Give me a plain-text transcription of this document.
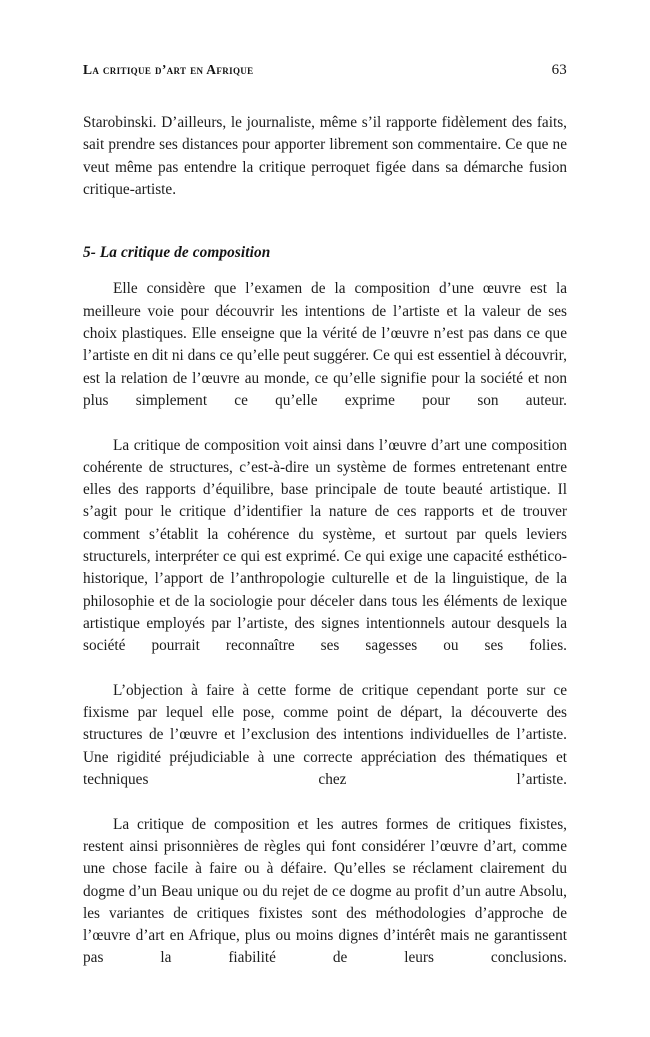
La critique d’art en Afrique	63

Starobinski. D’ailleurs, le journaliste, même s’il rapporte fidèlement des faits, sait prendre ses distances pour apporter librement son commentaire. Ce que ne veut même pas entendre la critique perroquet figée dans sa démarche fusion critique-artiste.

5- La critique de composition

Elle considère que l’examen de la composition d’une œuvre est la meilleure voie pour découvrir les intentions de l’artiste et la valeur de ses choix plastiques. Elle enseigne que la vérité de l’œuvre n’est pas dans ce que l’artiste en dit ni dans ce qu’elle peut suggérer. Ce qui est essentiel à découvrir, est la relation de l’œuvre au monde, ce qu’elle signifie pour la société et non plus simplement ce qu’elle exprime pour son auteur.

La critique de composition voit ainsi dans l’œuvre d’art une composition cohérente de structures, c’est-à-dire un système de formes entretenant entre elles des rapports d’équilibre, base principale de toute beauté artistique. Il s’agit pour le critique d’identifier la nature de ces rapports et de trouver comment s’établit la cohérence du système, et surtout par quels leviers structurels, interpréter ce qui est exprimé. Ce qui exige une capacité esthético-historique, l’apport de l’anthropologie culturelle et de la linguistique, de la philosophie et de la sociologie pour déceler dans tous les éléments de lexique artistique employés par l’artiste, des signes intentionnels autour desquels la société pourrait reconnaître ses sagesses ou ses folies.

L’objection à faire à cette forme de critique cependant porte sur ce fixisme par lequel elle pose, comme point de départ, la découverte des structures de l’œuvre et l’exclusion des intentions individuelles de l’artiste. Une rigidité préjudiciable à une correcte appréciation des thématiques et techniques chez l’artiste.

La critique de composition et les autres formes de critiques fixistes, restent ainsi prisonnières de règles qui font considérer l’œuvre d’art, comme une chose facile à faire ou à défaire. Qu’elles se réclament clairement du dogme d’un Beau unique ou du rejet de ce dogme au profit d’un autre Absolu, les variantes de critiques fixistes sont des méthodologies d’approche de l’œuvre d’art en Afrique, plus ou moins dignes d’intérêt mais ne garantissent pas la fiabilité de leurs conclusions.
